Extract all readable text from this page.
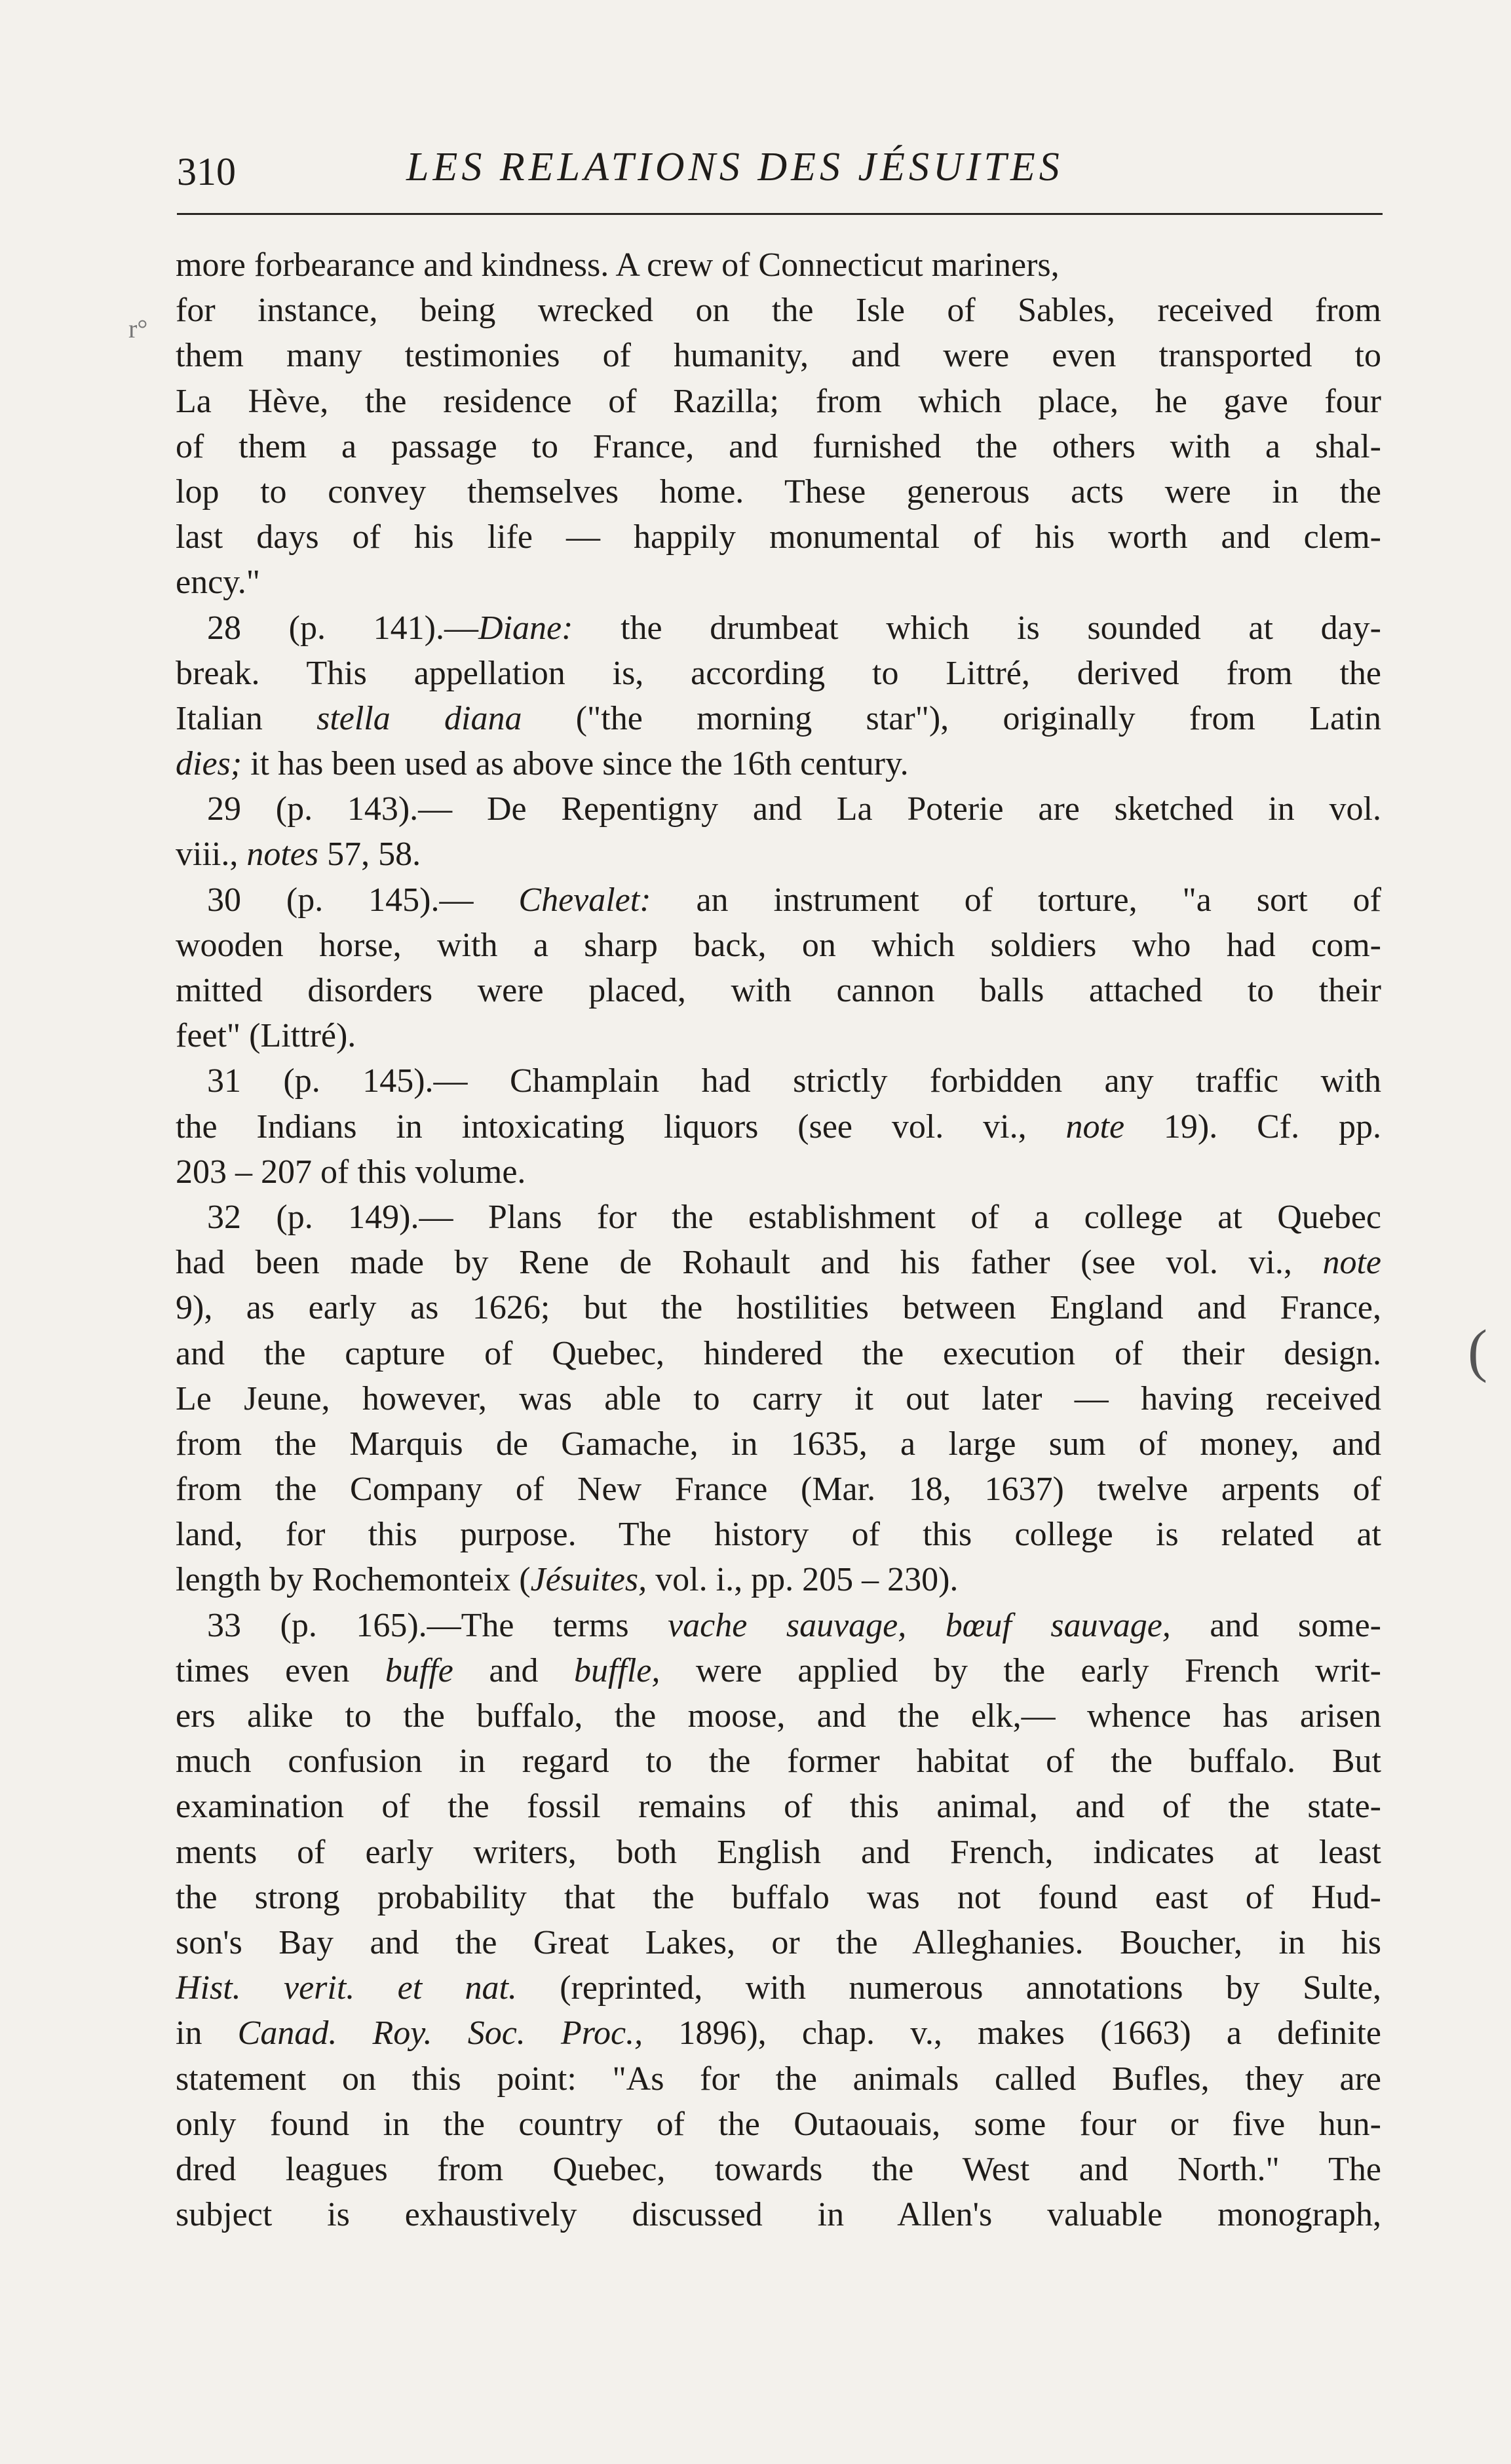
310	LES RELATIONS DES JÉSUITES
more forbearance and kindness. A crew of Connecticut mariners,
for instance, being wrecked on the Isle of Sables, received from
them many testimonies of humanity, and were even transported to
La Hève, the residence of Razilla; from which place, he gave four
of them a passage to France, and furnished the others with a shal-
lop to convey themselves home. These generous acts were in the
last days of his life — happily monumental of his worth and clem-
ency."
28 (p. 141).—Diane: the drumbeat which is sounded at day-
break. This appellation is, according to Littré, derived from the
Italian stella diana ("the morning star"), originally from Latin
dies; it has been used as above since the 16th century.
29 (p. 143).— De Repentigny and La Poterie are sketched in vol.
viii., notes 57, 58.
30 (p. 145).— Chevalet: an instrument of torture, "a sort of
wooden horse, with a sharp back, on which soldiers who had com-
mitted disorders were placed, with cannon balls attached to their
feet" (Littré).
31 (p. 145).— Champlain had strictly forbidden any traffic with
the Indians in intoxicating liquors (see vol. vi., note 19). Cf. pp.
203 – 207 of this volume.
32 (p. 149).— Plans for the establishment of a college at Quebec
had been made by Rene de Rohault and his father (see vol. vi., note
9), as early as 1626; but the hostilities between England and France,
and the capture of Quebec, hindered the execution of their design.
Le Jeune, however, was able to carry it out later — having received
from the Marquis de Gamache, in 1635, a large sum of money, and
from the Company of New France (Mar. 18, 1637) twelve arpents of
land, for this purpose. The history of this college is related at
length by Rochemonteix (Jésuites, vol. i., pp. 205 – 230).
33 (p. 165).—The terms vache sauvage, bœuf sauvage, and some-
times even buffe and buffle, were applied by the early French writ-
ers alike to the buffalo, the moose, and the elk,— whence has arisen
much confusion in regard to the former habitat of the buffalo. But
examination of the fossil remains of this animal, and of the state-
ments of early writers, both English and French, indicates at least
the strong probability that the buffalo was not found east of Hud-
son's Bay and the Great Lakes, or the Alleghanies. Boucher, in his
Hist. verit. et nat. (reprinted, with numerous annotations by Sulte,
in Canad. Roy. Soc. Proc., 1896), chap. v., makes (1663) a definite
statement on this point: "As for the animals called Bufles, they are
only found in the country of the Outaouais, some four or five hun-
dred leagues from Quebec, towards the West and North." The
subject is exhaustively discussed in Allen's valuable monograph,
r°
(
